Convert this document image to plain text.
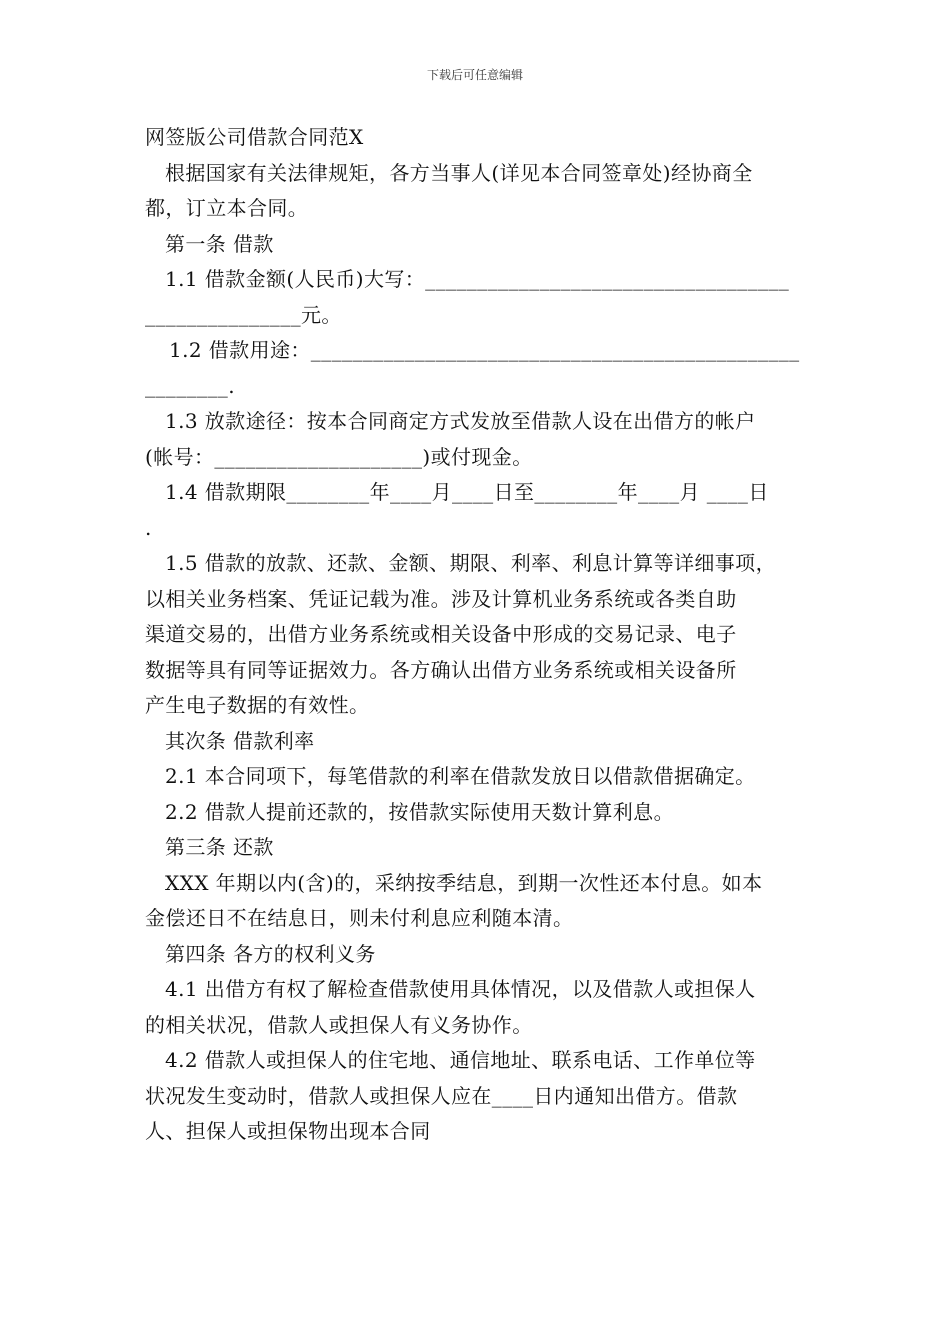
下载后可任意编辑
网签版公司借款合同范X
根据国家有关法律规矩，各方当事人(详见本合同签章处)经协商全
都，订立本合同。
第一条 借款
1.1 借款金额(人民币)大写：___________________________________
_______________元。
1.2 借款用途：_______________________________________________
________.
1.3 放款途径：按本合同商定方式发放至借款人设在出借方的帐户
(帐号：____________________)或付现金。
1.4 借款期限________年____月____日至________年____月 ____日
.
1.5 借款的放款、还款、金额、期限、利率、利息计算等详细事项，
以相关业务档案、凭证记载为准。涉及计算机业务系统或各类自助
渠道交易的，出借方业务系统或相关设备中形成的交易记录、电子
数据等具有同等证据效力。各方确认出借方业务系统或相关设备所
产生电子数据的有效性。
其次条 借款利率
2.1 本合同项下，每笔借款的利率在借款发放日以借款借据确定。
2.2 借款人提前还款的，按借款实际使用天数计算利息。
第三条 还款
XXX 年期以内(含)的，采纳按季结息，到期一次性还本付息。如本
金偿还日不在结息日，则未付利息应利随本清。
第四条 各方的权利义务
4.1 出借方有权了解检查借款使用具体情况，以及借款人或担保人
的相关状况，借款人或担保人有义务协作。
4.2 借款人或担保人的住宅地、通信地址、联系电话、工作单位等
状况发生变动时，借款人或担保人应在____日内通知出借方。借款
人、担保人或担保物出现本合同
